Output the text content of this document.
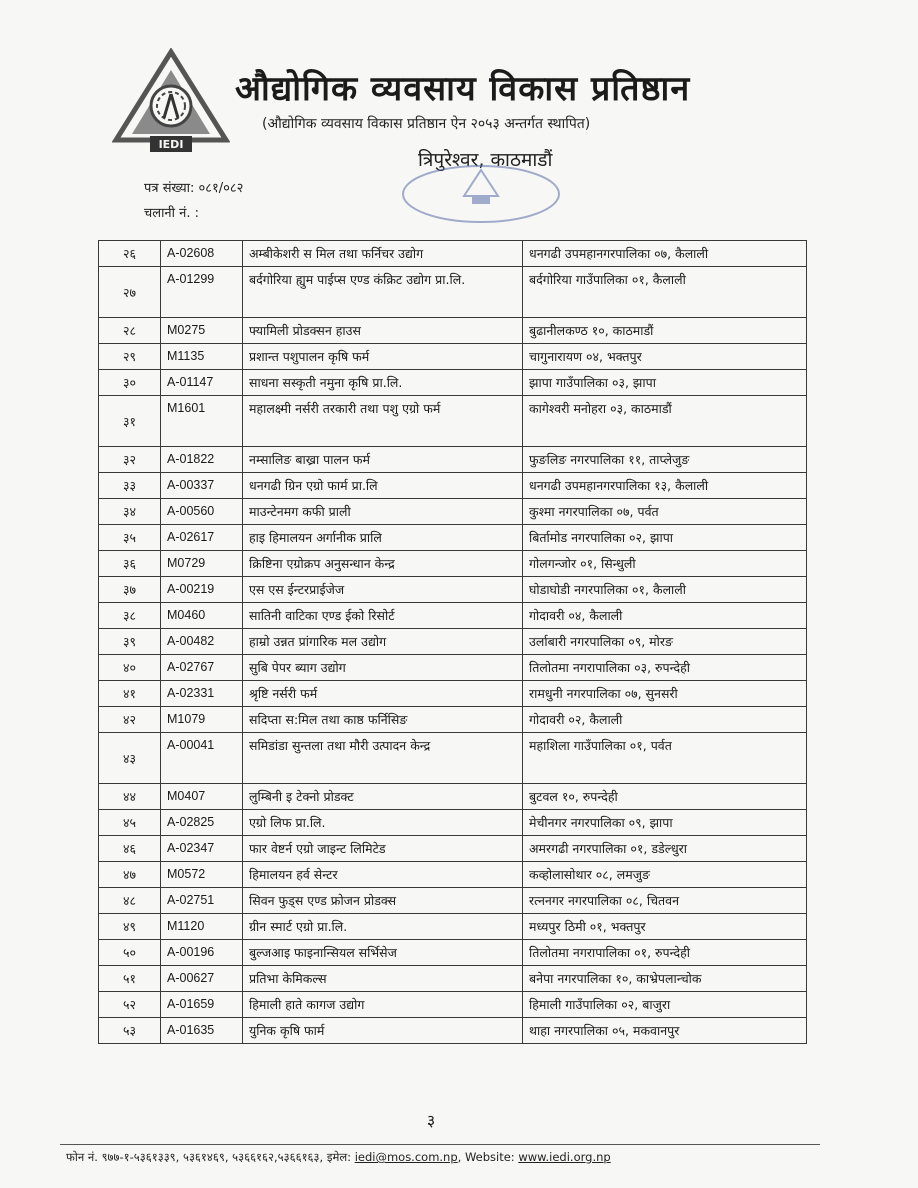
IEDI
औद्योगिक व्यवसाय विकास प्रतिष्ठान
(औद्योगिक व्यवसाय विकास प्रतिष्ठान ऐन २०५३ अन्तर्गत स्थापित)
त्रिपुरेश्वर, काठमाडौं
पत्र संख्या: ०८१/०८२
चलानी नं. :
२६	A-02608	अम्बीकेशरी स मिल तथा फर्निचर उद्योग	धनगढी उपमहानगरपालिका ०७, कैलाली
२७	A-01299	बर्दगोरिया ह्युम पाईप्स एण्ड कंक्रिट उद्योग प्रा.लि.	बर्दगोरिया गाउँपालिका ०१, कैलाली
२८	M0275	फ्यामिली प्रोडक्सन हाउस	बुढानीलकण्ठ १०, काठमाडौं
२९	M1135	प्रशान्त पशुपालन कृषि फर्म	चागुनारायण ०४, भक्तपुर
३०	A-01147	साधना सस्कृती नमुना कृषि प्रा.लि.	झापा गाउँपालिका ०३, झापा
३१	M1601	महालक्ष्मी नर्सरी तरकारी तथा पशु एग्रो फर्म	कागेश्वरी मनोहरा ०३, काठमाडौं
३२	A-01822	नम्सालिङ बाख्रा पालन फर्म	फुङलिङ नगरपालिका ११, ताप्लेजुङ
३३	A-00337	धनगढी ग्रिन एग्रो फार्म प्रा.लि	धनगढी उपमहानगरपालिका १३, कैलाली
३४	A-00560	माउन्टेनमग कफी प्राली	कुश्मा नगरपालिका ०७, पर्वत
३५	A-02617	हाइ हिमालयन अर्गानीक प्रालि	बिर्तामोड नगरपालिका ०२, झापा
३६	M0729	क्रिष्टिना एग्रोक्रप अनुसन्धान केन्द्र	गोलगन्जोर ०१, सिन्धुली
३७	A-00219	एस एस ईन्टरप्राईजेज	घोडाघोडी नगरपालिका ०१, कैलाली
३८	M0460	सातिनी वाटिका एण्ड ईको रिसोर्ट	गोदावरी ०४, कैलाली
३९	A-00482	हाम्रो उन्नत प्रांगारिक मल उद्योग	उर्लाबारी नगरपालिका ०९, मोरङ
४०	A-02767	सुबि पेपर ब्याग उद्योग	तिलोतमा नगरापालिका ०३, रुपन्देही
४१	A-02331	श्रृष्टि नर्सरी फर्म	रामधुनी नगरपालिका ०७, सुनसरी
४२	M1079	सदिप्ता स:मिल तथा काष्ठ फर्निसिङ	गोदावरी ०२, कैलाली
४३	A-00041	समिडांडा सुन्तला तथा मौरी उत्पादन केन्द्र	महाशिला गाउँपालिका ०१, पर्वत
४४	M0407	लुम्बिनी इ टेक्नो प्रोडक्ट	बुटवल १०, रुपन्देही
४५	A-02825	एग्रो लिफ प्रा.लि.	मेचीनगर नगरपालिका ०९, झापा
४६	A-02347	फार वेष्टर्न एग्रो जाइन्ट लिमिटेड	अमरगढी नगरपालिका ०१, डडेल्धुरा
४७	M0572	हिमालयन हर्व सेन्टर	कव्होलासोथार ०८, लमजुङ
४८	A-02751	सिवन फुड्स एण्ड फ्रोजन प्रोडक्स	रत्ननगर नगरपालिका ०८, चितवन
४९	M1120	ग्रीन स्मार्ट एग्रो प्रा.लि.	मध्यपुर ठिमी ०१, भक्तपुर
५०	A-00196	बुल्जआइ फाइनान्सियल सर्भिसेज	तिलोतमा नगरापालिका ०१, रुपन्देही
५१	A-00627	प्रतिभा केमिकल्स	बनेपा नगरपालिका १०, काभ्रेपलान्चोक
५२	A-01659	हिमाली हाते कागज उद्योग	हिमाली गाउँपालिका ०२, बाजुरा
५३	A-01635	युनिक कृषि फार्म	थाहा नगरपालिका ०५, मकवानपुर
३
फोन नं. ९७७-१-५३६१३३९, ५३६१४६९, ५३६६१६२,५३६६१६३, इमेल: iedi@mos.com.np, Website: www.iedi.org.np
